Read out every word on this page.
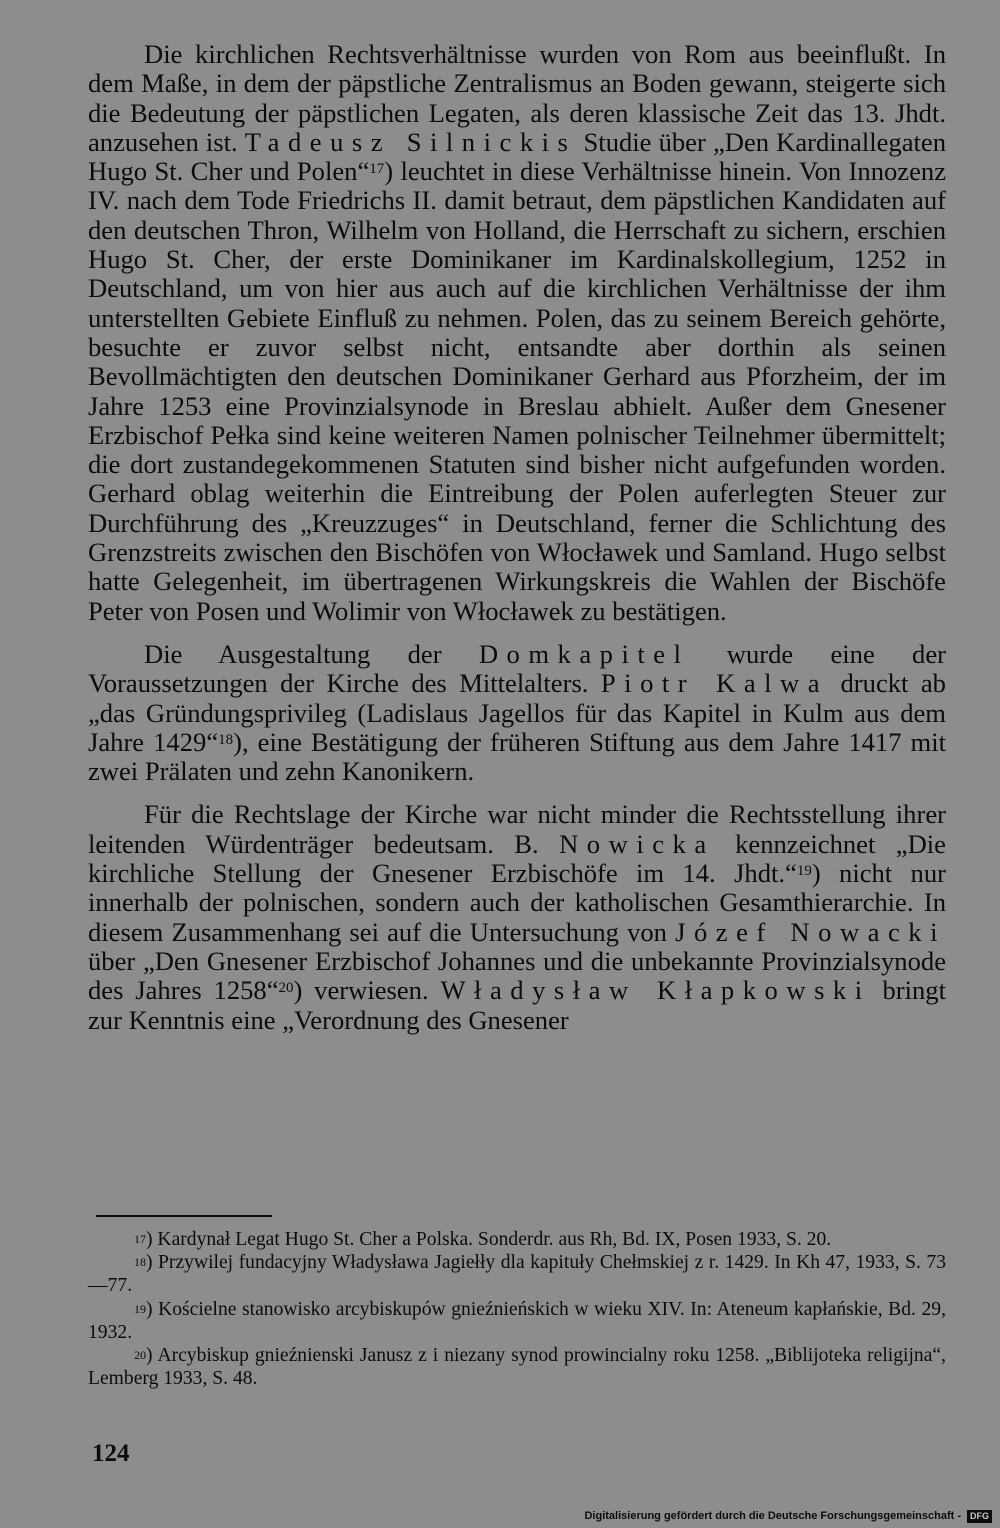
Die kirchlichen Rechtsverhältnisse wurden von Rom aus beeinflußt. In dem Maße, in dem der päpstliche Zentralismus an Boden gewann, steigerte sich die Bedeutung der päpstlichen Legaten, als deren klassische Zeit das 13. Jhdt. anzusehen ist. Tadeusz Silnickis Studie über „Den Kardinallegaten Hugo St. Cher und Polen“$^{17}$) leuchtet in diese Verhältnisse hinein. Von Innozenz IV. nach dem Tode Friedrichs II. damit betraut, dem päpstlichen Kandidaten auf den deutschen Thron, Wilhelm von Holland, die Herrschaft zu sichern, erschien Hugo St. Cher, der erste Dominikaner im Kardinalskollegium, 1252 in Deutschland, um von hier aus auch auf die kirchlichen Verhältnisse der ihm unterstellten Gebiete Einfluß zu nehmen. Polen, das zu seinem Bereich gehörte, besuchte er zuvor selbst nicht, entsandte aber dorthin als seinen Bevollmächtigten den deutschen Dominikaner Gerhard aus Pforzheim, der im Jahre 1253 eine Provinzialsynode in Breslau abhielt. Außer dem Gnesener Erzbischof Pełka sind keine weiteren Namen polnischer Teilnehmer übermittelt; die dort zustandegekommenen Statuten sind bisher nicht aufgefunden worden. Gerhard oblag weiterhin die Eintreibung der Polen auferlegten Steuer zur Durchführung des „Kreuzzuges“ in Deutschland, ferner die Schlichtung des Grenzstreits zwischen den Bischöfen von Włocławek und Samland. Hugo selbst hatte Gelegenheit, im übertragenen Wirkungskreis die Wahlen der Bischöfe Peter von Posen und Wolimir von Włocławek zu bestätigen.

Die Ausgestaltung der Domkapitel wurde eine der Voraussetzungen der Kirche des Mittelalters. Piotr Kalwa druckt ab „das Gründungsprivileg (Ladislaus Jagellos für das Kapitel in Kulm aus dem Jahre 1429“$^{18}$), eine Bestätigung der früheren Stiftung aus dem Jahre 1417 mit zwei Prälaten und zehn Kanonikern.

Für die Rechtslage der Kirche war nicht minder die Rechtsstellung ihrer leitenden Würdenträger bedeutsam. B. Nowicka kennzeichnet „Die kirchliche Stellung der Gnesener Erzbischöfe im 14. Jhdt.“$^{19}$) nicht nur innerhalb der polnischen, sondern auch der katholischen Gesamthierarchie. In diesem Zusammenhang sei auf die Untersuchung von Józef Nowacki über „Den Gnesener Erzbischof Johannes und die unbekannte Provinzialsynode des Jahres 1258“$^{20}$) verwiesen. Władysław Kłapkowski bringt zur Kenntnis eine „Verordnung des Gnesener

$^{17}$) Kardynał Legat Hugo St. Cher a Polska. Sonderdr. aus Rh, Bd. IX, Posen 1933, S. 20.

$^{18}$) Przywilej fundacyjny Władysława Jagiełły dla kapituły Chełmskiej z r. 1429. In Kh 47, 1933, S. 73—77.

$^{19}$) Kościelne stanowisko arcybiskupów gnieźnieńskich w wieku XIV. In: Ateneum kapłańskie, Bd. 29, 1932.

$^{20}$) Arcybiskup gnieźnienski Janusz z i niezany synod prowincialny roku 1258. „Biblijoteka religijna“, Lemberg 1933, S. 48.

124

Digitalisierung gefördert durch die Deutsche Forschungsgemeinschaft -	DFG
